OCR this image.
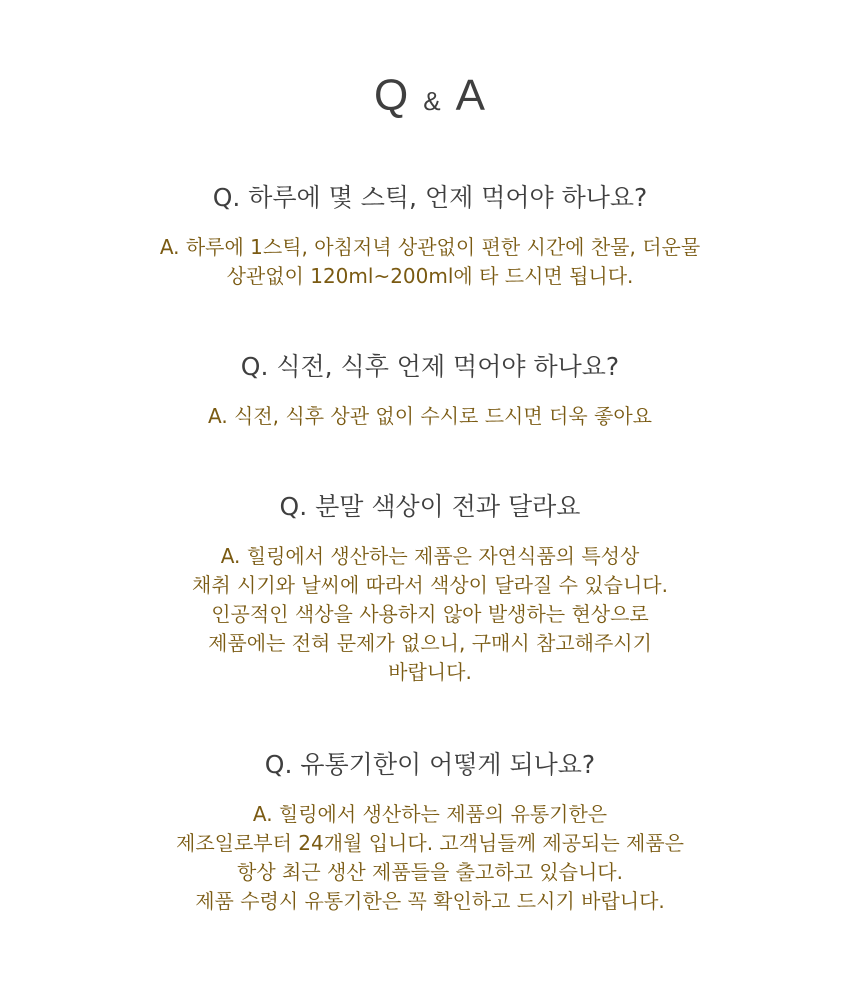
Q & A
Q. 하루에 몇 스틱, 언제 먹어야 하나요?
A. 하루에 1스틱, 아침저녁 상관없이 편한 시간에 찬물, 더운물
상관없이 120ml~200ml에 타 드시면 됩니다.
Q. 식전, 식후 언제 먹어야 하나요?
A. 식전, 식후 상관 없이 수시로 드시면 더욱 좋아요
Q. 분말 색상이 전과 달라요
A. 힐링에서 생산하는 제품은 자연식품의 특성상
채취 시기와 날씨에 따라서 색상이 달라질 수 있습니다.
인공적인 색상을 사용하지 않아 발생하는 현상으로
제품에는 전혀 문제가 없으니, 구매시 참고해주시기
바랍니다.
Q. 유통기한이 어떻게 되나요?
A. 힐링에서 생산하는 제품의 유통기한은
제조일로부터 24개월 입니다. 고객님들께 제공되는 제품은
항상 최근 생산 제품들을 출고하고 있습니다.
제품 수령시 유통기한은 꼭 확인하고 드시기 바랍니다.
